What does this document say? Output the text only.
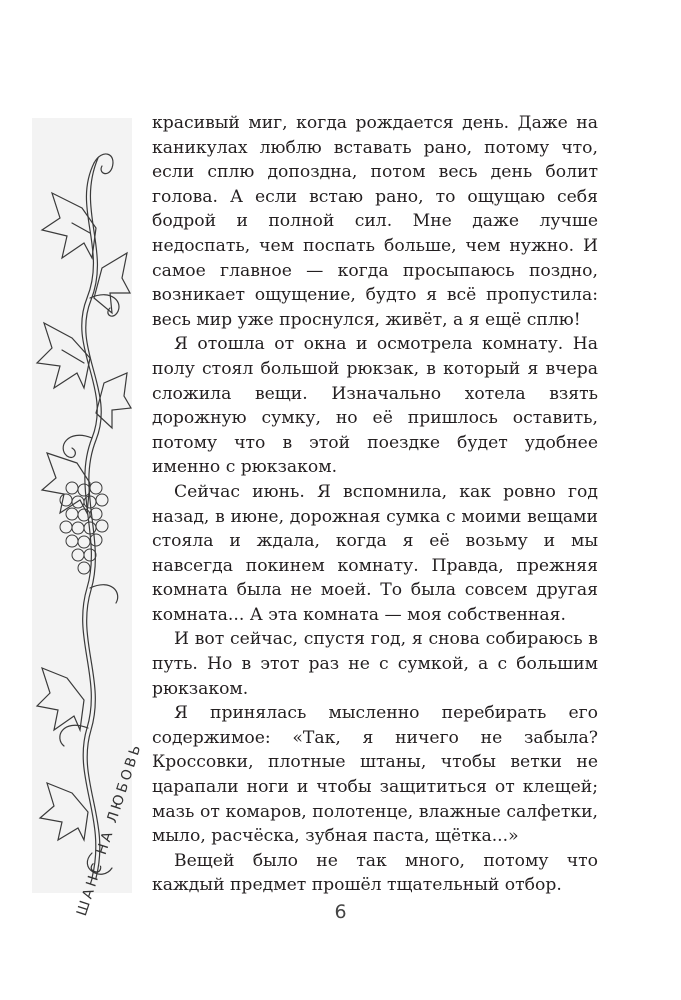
ШАНС НА ЛЮБОВЬ

красивый миг, когда рождается день. Даже на каникулах люблю вставать рано, потому что, если сплю допоздна, потом весь день болит голова. А если встаю рано, то ощущаю себя бодрой и полной сил. Мне даже лучше недоспать, чем поспать больше, чем нужно. И самое главное — когда просыпаюсь поздно, возникает ощущение, будто я всё пропустила: весь мир уже проснулся, живёт, а я ещё сплю!

Я отошла от окна и осмотрела комнату. На полу стоял большой рюкзак, в который я вчера сложила вещи. Изначально хотела взять дорожную сумку, но её пришлось оставить, потому что в этой поездке будет удобнее именно с рюкзаком.

Сейчас июнь. Я вспомнила, как ровно год назад, в июне, дорожная сумка с моими вещами стояла и ждала, когда я её возьму и мы навсегда покинем комнату. Правда, прежняя комната была не моей. То была совсем другая комната... А эта комната — моя собственная.

И вот сейчас, спустя год, я снова собираюсь в путь. Но в этот раз не с сумкой, а с большим рюкзаком.

Я принялась мысленно перебирать его содержимое: «Так, я ничего не забыла? Кроссовки, плотные штаны, чтобы ветки не царапали ноги и чтобы защититься от клещей; мазь от комаров, полотенце, влажные салфетки, мыло, расчёска, зубная паста, щётка...»

Вещей было не так много, потому что каждый предмет прошёл тщательный отбор.

6
